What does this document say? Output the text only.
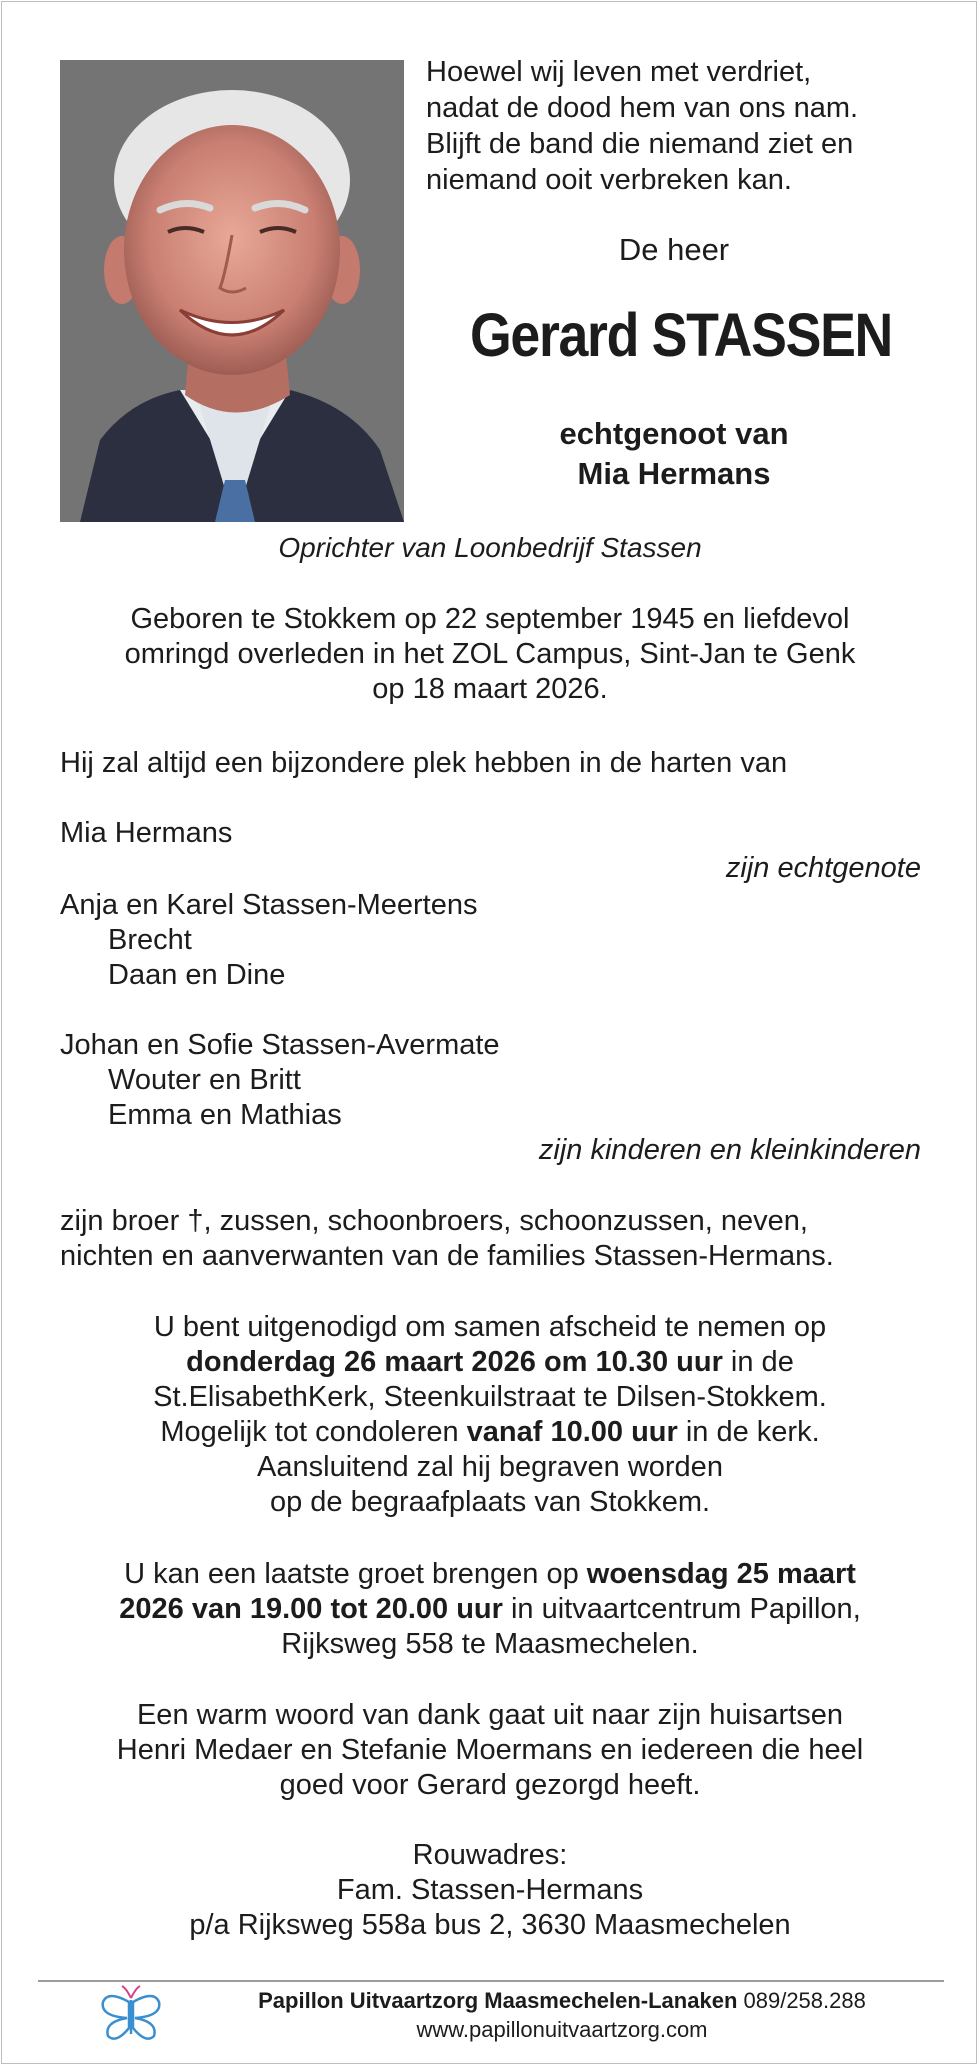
Hoewel wij leven met verdriet,
nadat de dood hem van ons nam.
Blijft de band die niemand ziet en
niemand ooit verbreken kan.
De heer
Gerard STASSEN
echtgenoot van
Mia Hermans
Oprichter van Loonbedrijf Stassen
Geboren te Stokkem op 22 september 1945 en liefdevol
omringd overleden in het ZOL Campus, Sint-Jan te Genk
op 18 maart 2026.
Hij zal altijd een bijzondere plek hebben in de harten van
Mia Hermans
zijn echtgenote
Anja en Karel Stassen-Meertens
Brecht
Daan en Dine
Johan en Sofie Stassen-Avermate
Wouter en Britt
Emma en Mathias
zijn kinderen en kleinkinderen
zijn broer †, zussen, schoonbroers, schoonzussen, neven,
nichten en aanverwanten van de families Stassen-Hermans.
U bent uitgenodigd om samen afscheid te nemen op
donderdag 26 maart 2026 om 10.30 uur in de
St.ElisabethKerk, Steenkuilstraat te Dilsen-Stokkem.
Mogelijk tot condoleren vanaf 10.00 uur in de kerk.
Aansluitend zal hij begraven worden
op de begraafplaats van Stokkem.
U kan een laatste groet brengen op woensdag 25 maart
2026 van 19.00 tot 20.00 uur in uitvaartcentrum Papillon,
Rijksweg 558 te Maasmechelen.
Een warm woord van dank gaat uit naar zijn huisartsen
Henri Medaer en Stefanie Moermans en iedereen die heel
goed voor Gerard gezorgd heeft.
Rouwadres:
Fam. Stassen-Hermans
p/a Rijksweg 558a bus 2, 3630 Maasmechelen
Papillon Uitvaartzorg Maasmechelen-Lanaken 089/258.288
www.papillonuitvaartzorg.com
